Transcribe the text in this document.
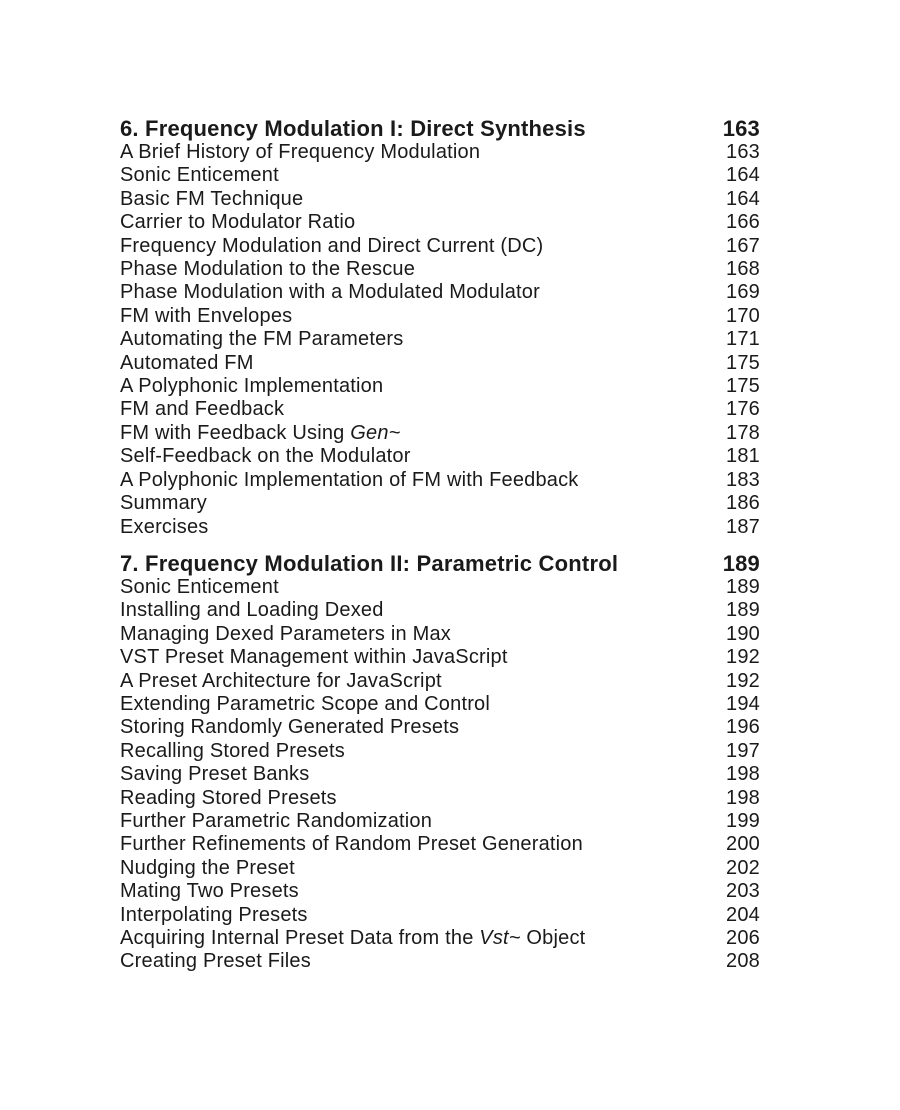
6. Frequency Modulation I: Direct Synthesis	163
A Brief History of Frequency Modulation	163
Sonic Enticement	164
Basic FM Technique	164
Carrier to Modulator Ratio	166
Frequency Modulation and Direct Current (DC)	167
Phase Modulation to the Rescue	168
Phase Modulation with a Modulated Modulator	169
FM with Envelopes	170
Automating the FM Parameters	171
Automated FM	175
A Polyphonic Implementation	175
FM and Feedback	176
FM with Feedback Using Gen~	178
Self-Feedback on the Modulator	181
A Polyphonic Implementation of FM with Feedback	183
Summary	186
Exercises	187
7. Frequency Modulation II: Parametric Control	189
Sonic Enticement	189
Installing and Loading Dexed	189
Managing Dexed Parameters in Max	190
VST Preset Management within JavaScript	192
A Preset Architecture for JavaScript	192
Extending Parametric Scope and Control	194
Storing Randomly Generated Presets	196
Recalling Stored Presets	197
Saving Preset Banks	198
Reading Stored Presets	198
Further Parametric Randomization	199
Further Refinements of Random Preset Generation	200
Nudging the Preset	202
Mating Two Presets	203
Interpolating Presets	204
Acquiring Internal Preset Data from the Vst~ Object	206
Creating Preset Files	208
